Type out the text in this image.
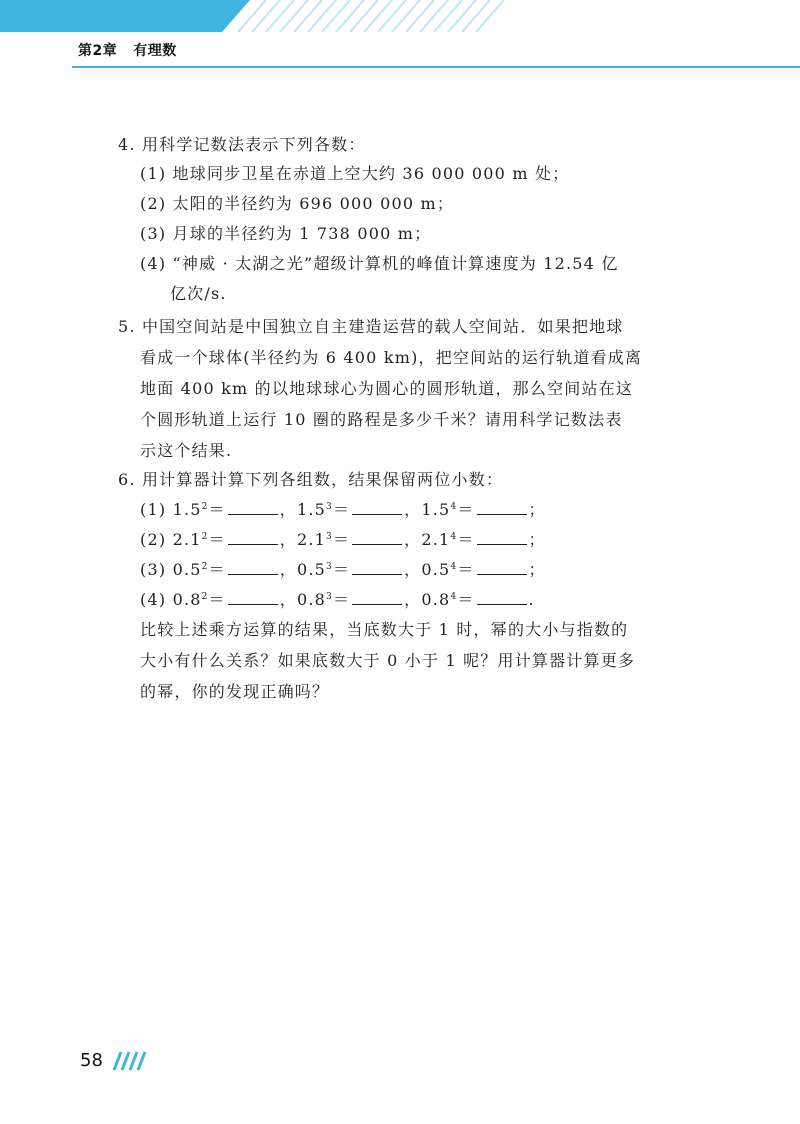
第2章 有理数
4. 用科学记数法表示下列各数：
(1) 地球同步卫星在赤道上空大约 36 000 000 m 处；
(2) 太阳的半径约为 696 000 000 m；
(3) 月球的半径约为 1 738 000 m；
(4) “神威 · 太湖之光”超级计算机的峰值计算速度为 12.54 亿
亿次/s.
5. 中国空间站是中国独立自主建造运营的载人空间站．如果把地球
看成一个球体(半径约为 6 400 km)，把空间站的运行轨道看成离
地面 400 km 的以地球球心为圆心的圆形轨道，那么空间站在这
个圆形轨道上运行 10 圈的路程是多少千米？请用科学记数法表
示这个结果.
6. 用计算器计算下列各组数，结果保留两位小数：
(1) $1.5^2=$	，$1.5^3=$	，$1.5^4=$	；
(2) $2.1^2=$	，$2.1^3=$	，$2.1^4=$	；
(3) $0.5^2=$	，$0.5^3=$	，$0.5^4=$	；
(4) $0.8^2=$	，$0.8^3=$	，$0.8^4=$	.
比较上述乘方运算的结果，当底数大于 1 时，幂的大小与指数的
大小有什么关系？如果底数大于 0 小于 1 呢？用计算器计算更多
的幂，你的发现正确吗？
58
